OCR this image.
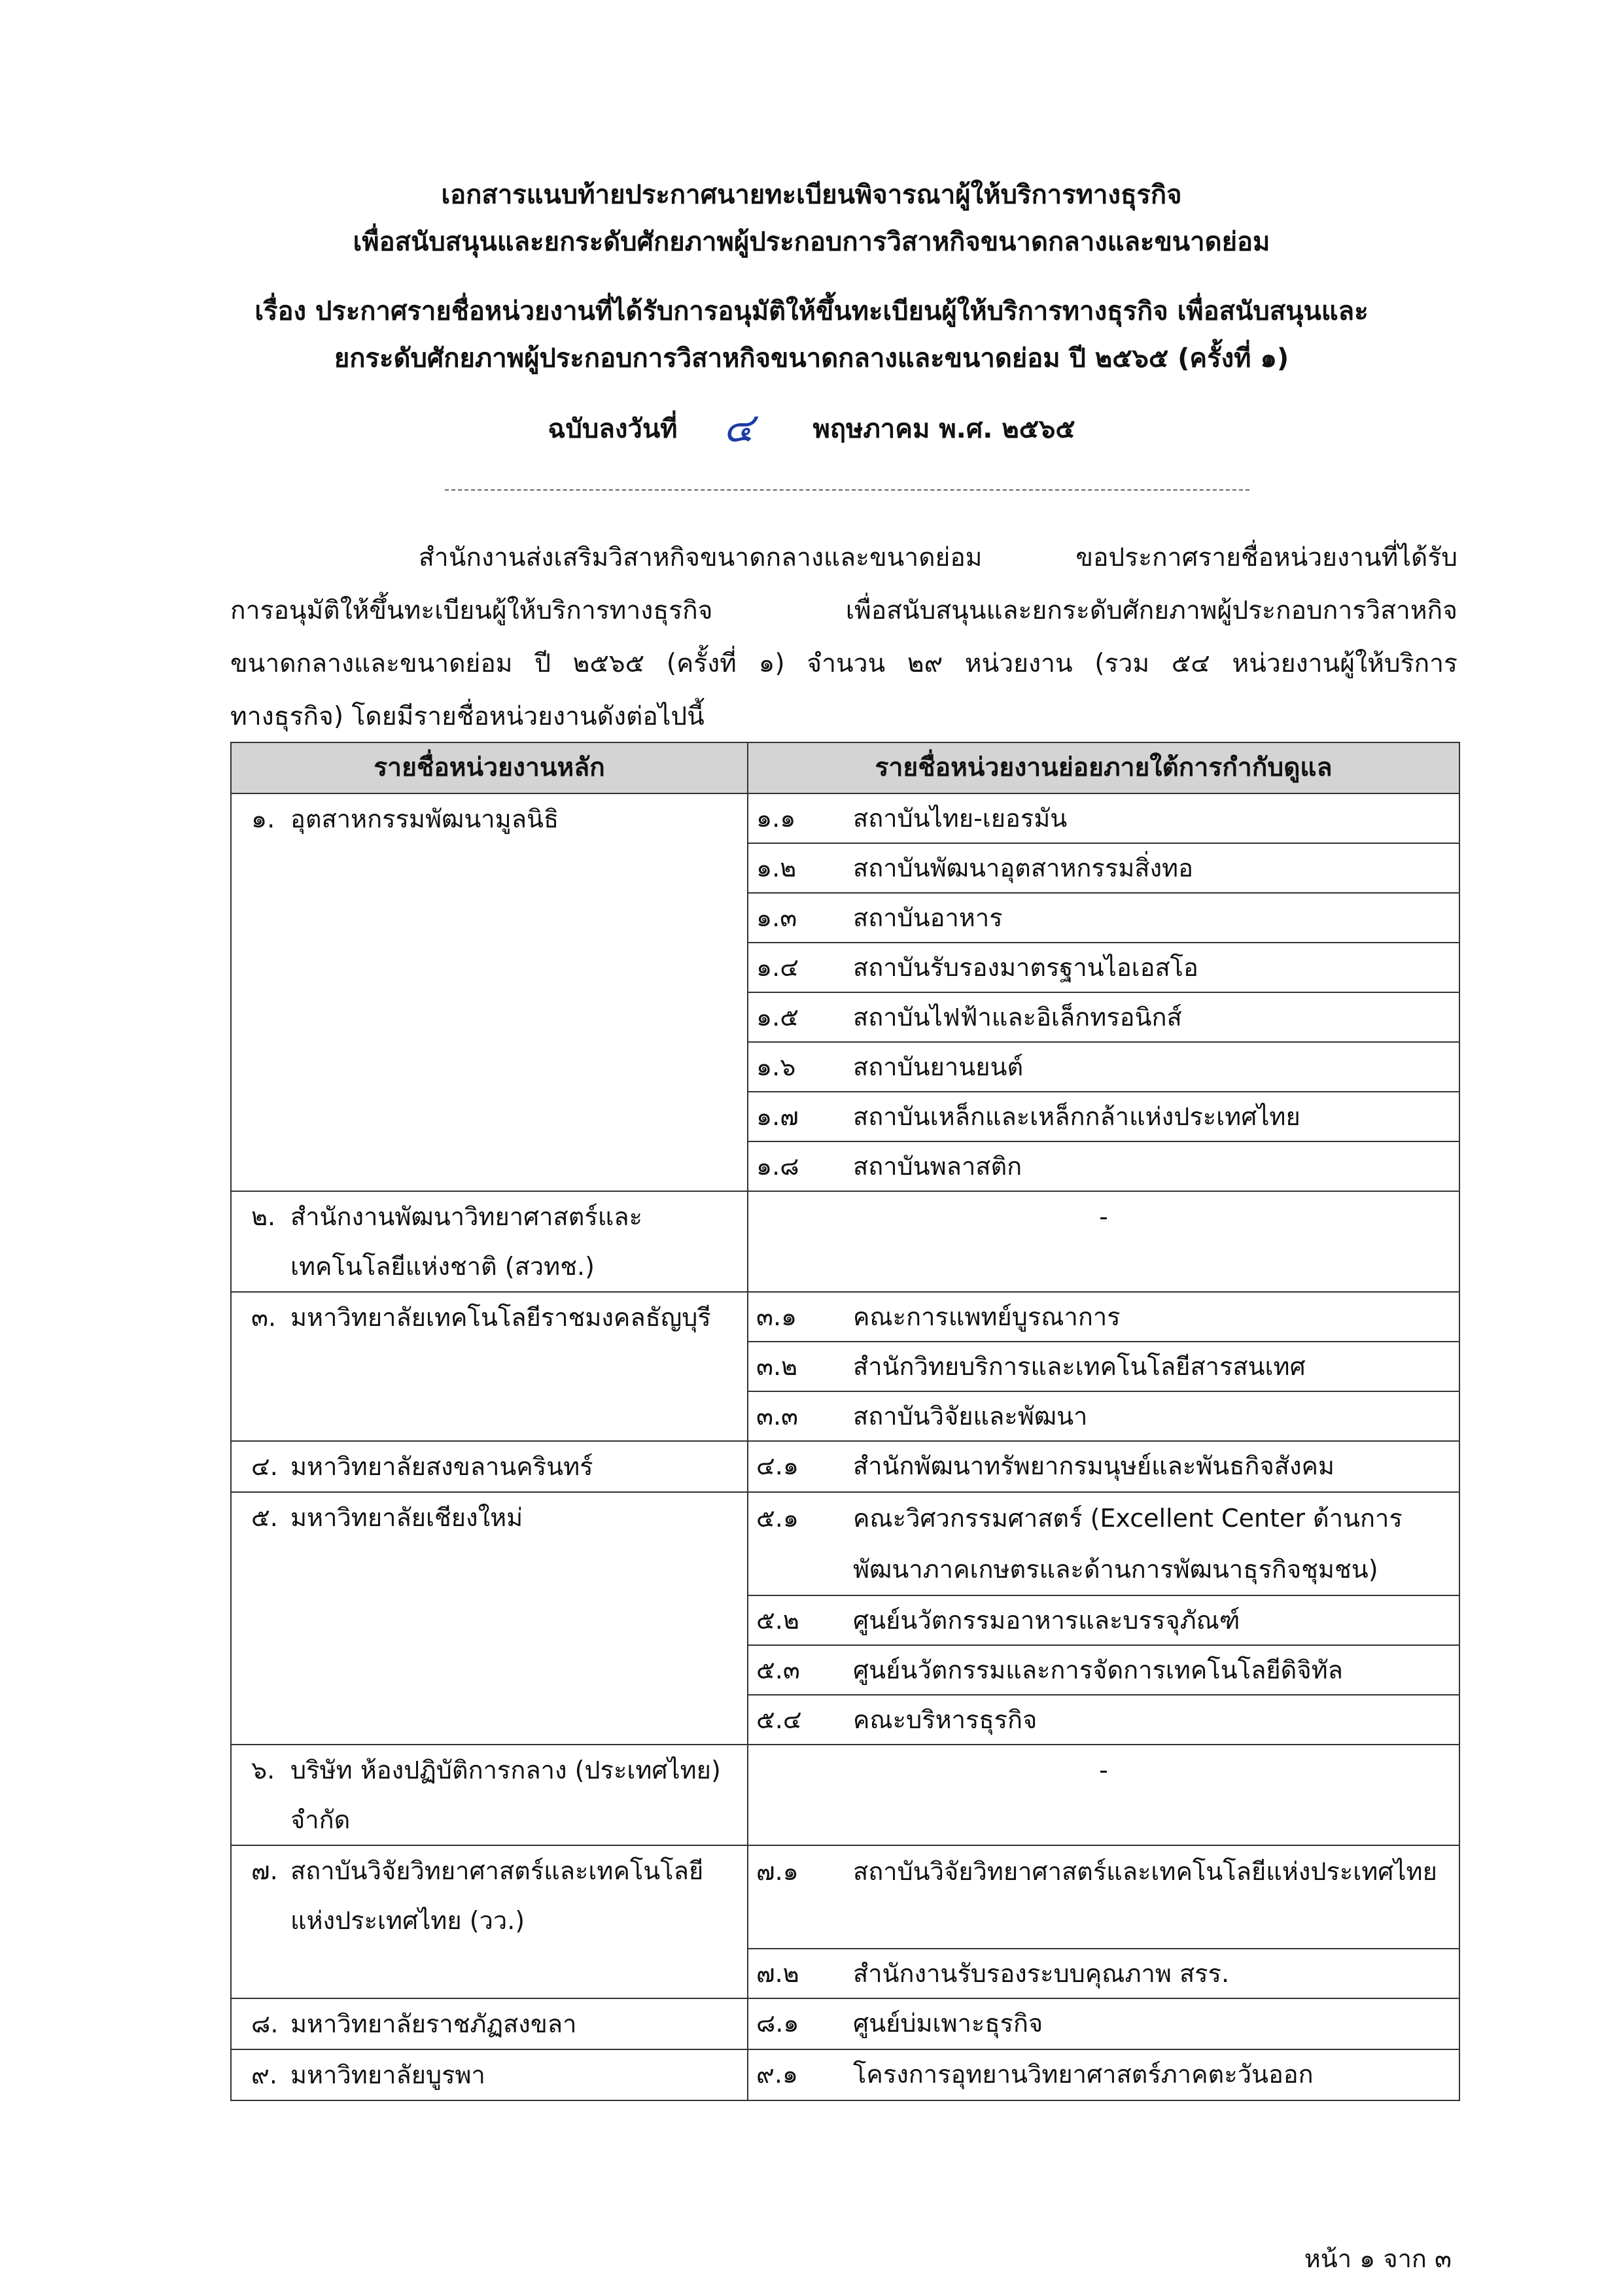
เอกสารแนบท้ายประกาศนายทะเบียนพิจารณาผู้ให้บริการทางธุรกิจ
เพื่อสนับสนุนและยกระดับศักยภาพผู้ประกอบการวิสาหกิจขนาดกลางและขนาดย่อม
เรื่อง ประกาศรายชื่อหน่วยงานที่ได้รับการอนุมัติให้ขึ้นทะเบียนผู้ให้บริการทางธุรกิจ เพื่อสนับสนุนและ
ยกระดับศักยภาพผู้ประกอบการวิสาหกิจขนาดกลางและขนาดย่อม ปี ๒๕๖๕ (ครั้งที่ ๑)
ฉบับลงวันที่ ๔ พฤษภาคม พ.ศ. ๒๕๖๕

สำนักงานส่งเสริมวิสาหกิจขนาดกลางและขนาดย่อม ขอประกาศรายชื่อหน่วยงานที่ได้รับ

การอนุมัติให้ขึ้นทะเบียนผู้ให้บริการทางธุรกิจ เพื่อสนับสนุนและยกระดับศักยภาพผู้ประกอบการวิสาหกิจ

ขนาดกลางและขนาดย่อม ปี ๒๕๖๕ (ครั้งที่ ๑) จำนวน ๒๙ หน่วยงาน (รวม ๕๔ หน่วยงานผู้ให้บริการ

ทางธุรกิจ) โดยมีรายชื่อหน่วยงานดังต่อไปนี้

รายชื่อหน่วยงานหลัก	รายชื่อหน่วยงานย่อยภายใต้การกำกับดูแล
๑. อุตสาหกรรมพัฒนามูลนิธิ	๑.๑ สถาบันไทย-เยอรมัน
	๑.๒ สถาบันพัฒนาอุตสาหกรรมสิ่งทอ
	๑.๓ สถาบันอาหาร
	๑.๔ สถาบันรับรองมาตรฐานไอเอสโอ
	๑.๕ สถาบันไฟฟ้าและอิเล็กทรอนิกส์
	๑.๖ สถาบันยานยนต์
	๑.๗ สถาบันเหล็กและเหล็กกล้าแห่งประเทศไทย
	๑.๘ สถาบันพลาสติก
๒. สำนักงานพัฒนาวิทยาศาสตร์และเทคโนโลยีแห่งชาติ (สวทช.)	-
๓. มหาวิทยาลัยเทคโนโลยีราชมงคลธัญบุรี	๓.๑ คณะการแพทย์บูรณาการ
	๓.๒ สำนักวิทยบริการและเทคโนโลยีสารสนเทศ
	๓.๓ สถาบันวิจัยและพัฒนา
๔. มหาวิทยาลัยสงขลานครินทร์	๔.๑ สำนักพัฒนาทรัพยากรมนุษย์และพันธกิจสังคม
๕. มหาวิทยาลัยเชียงใหม่	๕.๑ คณะวิศวกรรมศาสตร์ (Excellent Center ด้านการพัฒนาภาคเกษตรและด้านการพัฒนาธุรกิจชุมชน)
	๕.๒ ศูนย์นวัตกรรมอาหารและบรรจุภัณฑ์
	๕.๓ ศูนย์นวัตกรรมและการจัดการเทคโนโลยีดิจิทัล
	๕.๔ คณะบริหารธุรกิจ
๖. บริษัท ห้องปฏิบัติการกลาง (ประเทศไทย) จำกัด	-
๗. สถาบันวิจัยวิทยาศาสตร์และเทคโนโลยีแห่งประเทศไทย (วว.)	๗.๑ สถาบันวิจัยวิทยาศาสตร์และเทคโนโลยีแห่งประเทศไทย
	๗.๒ สำนักงานรับรองระบบคุณภาพ สรร.
๘. มหาวิทยาลัยราชภัฏสงขลา	๘.๑ ศูนย์บ่มเพาะธุรกิจ
๙. มหาวิทยาลัยบูรพา	๙.๑ โครงการอุทยานวิทยาศาสตร์ภาคตะวันออก
หน้า ๑ จาก ๓
